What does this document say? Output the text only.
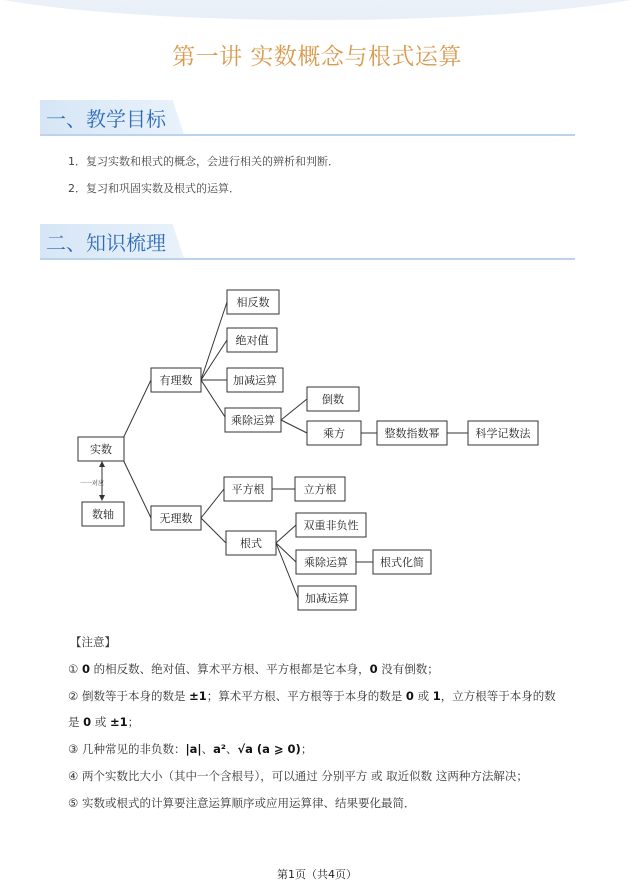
第一讲 实数概念与根式运算
一、教学目标
1．复习实数和根式的概念，会进行相关的辨析和判断．
2．复习和巩固实数及根式的运算．
二、知识梳理
实数
数轴
有理数
无理数
相反数
绝对值
加减运算
乘除运算
倒数
乘方	整数指数幂	科学记数法
平方根	立方根
根式
双重非负性
乘除运算	根式化简
加减运算
一一对应
【注意】
① 0 的相反数、绝对值、算术平方根、平方根都是它本身，0 没有倒数；
② 倒数等于本身的数是 ±1；算术平方根、平方根等于本身的数是 0 或 1，立方根等于本身的数
是 0 或 ±1；
③ 几种常见的非负数：|a|、a²、√a (a ⩾ 0)；
④ 两个实数比大小（其中一个含根号），可以通过 分别平方 或 取近似数 这两种方法解决；
⑤ 实数或根式的计算要注意运算顺序或应用运算律、结果要化最简．
第1页（共4页）
